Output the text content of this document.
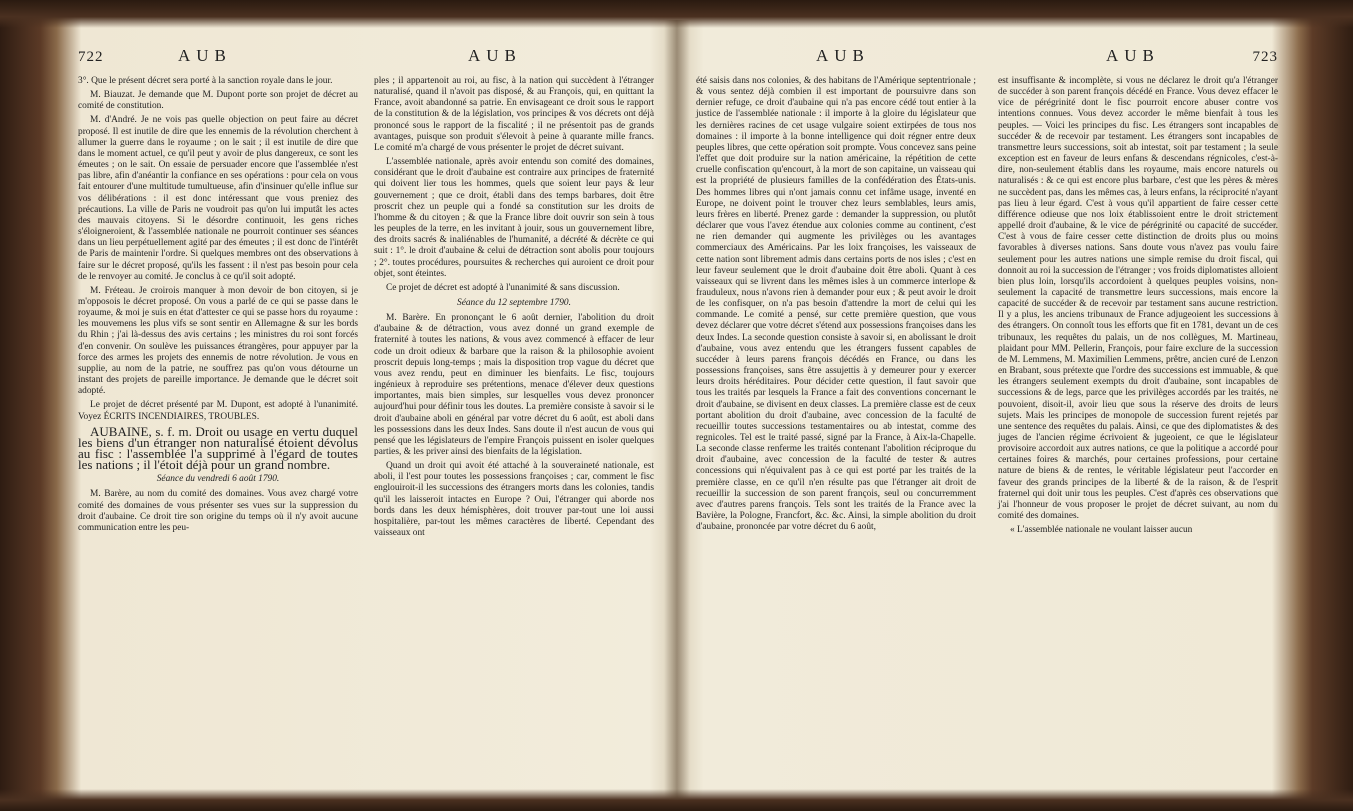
722	AUB	AUB

3°. Que le présent décret sera porté à la sanction royale dans le jour.

M. Biauzat. Je demande que M. Dupont porte son projet de décret au comité de constitution.

M. d'André. Je ne vois pas quelle objection on peut faire au décret proposé. Il est inutile de dire que les ennemis de la révolution cherchent à allumer la guerre dans le royaume ; on le sait ; il est inutile de dire que dans le moment actuel, ce qu'il peut y avoir de plus dangereux, ce sont les émeutes ; on le sait. On essaie de persuader encore que l'assemblée n'est pas libre, afin d'anéantir la confiance en ses opérations : pour cela on vous fait entourer d'une multitude tumultueuse, afin d'insinuer qu'elle influe sur vos délibérations : il est donc intéressant que vous preniez des précautions. La ville de Paris ne voudroit pas qu'on lui imputât les actes des mauvais citoyens. Si le désordre continuoit, les gens riches s'éloigneroient, & l'assemblée nationale ne pourroit continuer ses séances dans un lieu perpétuellement agité par des émeutes ; il est donc de l'intérêt de Paris de maintenir l'ordre. Si quelques membres ont des observations à faire sur le décret proposé, qu'ils les fassent : il n'est pas besoin pour cela de le renvoyer au comité. Je conclus à ce qu'il soit adopté.

M. Fréteau. Je croirois manquer à mon devoir de bon citoyen, si je m'opposois le décret proposé. On vous a parlé de ce qui se passe dans le royaume, & moi je suis en état d'attester ce qui se passe hors du royaume : les mouvemens les plus vifs se sont sentir en Allemagne & sur les bords du Rhin ; j'ai là-dessus des avis certains ; les ministres du roi sont forcés d'en convenir. On soulève les puissances étrangères, pour appuyer par la force des armes les projets des ennemis de notre révolution. Je vous en supplie, au nom de la patrie, ne souffrez pas qu'on vous détourne un instant des projets de pareille importance. Je demande que le décret soit adopté.

Le projet de décret présenté par M. Dupont, est adopté à l'unanimité. Voyez ÉCRITS INCENDIAIRES, TROUBLES.

AUBAINE, s. f. m. Droit ou usage en vertu duquel les biens d'un étranger non naturalisé étoient dévolus au fisc : l'assemblée l'a supprimé à l'égard de toutes les nations ; il l'étoit déjà pour un grand nombre.

Séance du vendredi 6 août 1790.

M. Barère, au nom du comité des domaines. Vous avez chargé votre comité des domaines de vous présenter ses vues sur la suppression du droit d'aubaine. Ce droit tire son origine du temps où il n'y avoit aucune communication entre les peu-

ples ; il appartenoit au roi, au fisc, à la nation qui succèdent à l'étranger naturalisé, quand il n'avoit pas disposé, & au François, qui, en quittant la France, avoit abandonné sa patrie. En envisageant ce droit sous le rapport de la constitution & de la législation, vos principes & vos décrets ont déjà prononcé sous le rapport de la fiscalité ; il ne présentoit pas de grands avantages, puisque son produit s'élevoit à peine à quarante mille francs. Le comité m'a chargé de vous présenter le projet de décret suivant.

L'assemblée nationale, après avoir entendu son comité des domaines, considérant que le droit d'aubaine est contraire aux principes de fraternité qui doivent lier tous les hommes, quels que soient leur pays & leur gouvernement ; que ce droit, établi dans des temps barbares, doit être proscrit chez un peuple qui a fondé sa constitution sur les droits de l'homme & du citoyen ; & que la France libre doit ouvrir son sein à tous les peuples de la terre, en les invitant à jouir, sous un gouvernement libre, des droits sacrés & inaliénables de l'humanité, a décrété & décrète ce qui suit : 1°. le droit d'aubaine & celui de détraction sont abolis pour toujours ; 2°. toutes procédures, poursuites & recherches qui auroient ce droit pour objet, sont éteintes.

Ce projet de décret est adopté à l'unanimité & sans discussion.

Séance du 12 septembre 1790.

M. Barère. En prononçant le 6 août dernier, l'abolition du droit d'aubaine & de détraction, vous avez donné un grand exemple de fraternité à toutes les nations, & vous avez commencé à effacer de leur code un droit odieux & barbare que la raison & la philosophie avoient proscrit depuis long-temps ; mais la disposition trop vague du décret que vous avez rendu, peut en diminuer les bienfaits. Le fisc, toujours ingénieux à reproduire ses prétentions, menace d'élever deux questions importantes, mais bien simples, sur lesquelles vous devez prononcer aujourd'hui pour définir tous les doutes. La première consiste à savoir si le droit d'aubaine aboli en général par votre décret du 6 août, est aboli dans les possessions dans les deux Indes. Sans doute il n'est aucun de vous qui pensé que les législateurs de l'empire François puissent en isoler quelques parties, & les priver ainsi des bienfaits de la législation.

Quand un droit qui avoit été attaché à la souveraineté nationale, est aboli, il l'est pour toutes les possessions françoises ; car, comment le fisc englouiroit-il les successions des étrangers morts dans les colonies, tandis qu'il les laisseroit intactes en Europe ? Oui, l'étranger qui aborde nos bords dans les deux hémisphères, doit trouver par-tout une loi aussi hospitalière, par-tout les mêmes caractères de liberté. Cependant des vaisseaux ont

AUB	AUB	723

été saisis dans nos colonies, & des habitans de l'Amérique septentrionale ; & vous sentez déjà combien il est important de poursuivre dans son dernier refuge, ce droit d'aubaine qui n'a pas encore cédé tout entier à la justice de l'assemblée nationale : il importe à la gloire du législateur que les dernières racines de cet usage vulgaire soient extirpées de tous nos domaines : il importe à la bonne intelligence qui doit régner entre deux peuples libres, que cette opération soit prompte. Vous concevez sans peine l'effet que doit produire sur la nation américaine, la répétition de cette cruelle confiscation qu'encourt, à la mort de son capitaine, un vaisseau qui est la propriété de plusieurs familles de la confédération des États-unis. Des hommes libres qui n'ont jamais connu cet infâme usage, inventé en Europe, ne doivent point le trouver chez leurs semblables, leurs amis, leurs frères en liberté. Prenez garde : demander la suppression, ou plutôt déclarer que vous l'avez étendue aux colonies comme au continent, c'est ne rien demander qui augmente les privilèges ou les avantages commerciaux des Américains. Par les loix françoises, les vaisseaux de cette nation sont librement admis dans certains ports de nos isles ; c'est en leur faveur seulement que le droit d'aubaine doit être aboli. Quant à ces vaisseaux qui se livrent dans les mêmes isles à un commerce interlope & frauduleux, nous n'avons rien à demander pour eux ; & peut avoir le droit de les confisquer, on n'a pas besoin d'attendre la mort de celui qui les commande. Le comité a pensé, sur cette première question, que vous devez déclarer que votre décret s'étend aux possessions françoises dans les deux Indes. La seconde question consiste à savoir si, en abolissant le droit d'aubaine, vous avez entendu que les étrangers fussent capables de succéder à leurs parens françois décédés en France, ou dans les possessions françoises, sans être assujettis à y demeurer pour y exercer leurs droits héréditaires. Pour décider cette question, il faut savoir que tous les traités par lesquels la France a fait des conventions concernant le droit d'aubaine, se divisent en deux classes. La première classe est de ceux portant abolition du droit d'aubaine, avec concession de la faculté de recueillir toutes successions testamentaires ou ab intestat, comme des regnicoles. Tel est le traité passé, signé par la France, à Aix-la-Chapelle. La seconde classe renferme les traités contenant l'abolition réciproque du droit d'aubaine, avec concession de la faculté de tester & autres concessions qui n'équivalent pas à ce qui est porté par les traités de la première classe, en ce qu'il n'en résulte pas que l'étranger ait droit de recueillir la succession de son parent françois, seul ou concurremment avec d'autres parens françois. Tels sont les traités de la France avec la Bavière, la Pologne, Francfort, &c. &c. Ainsi, la simple abolition du droit d'aubaine, prononcée par votre décret du 6 août,

est insuffisante & incomplète, si vous ne déclarez le droit qu'a l'étranger de succéder à son parent françois décédé en France. Vous devez effacer le vice de pérégrinité dont le fisc pourroit encore abuser contre vos intentions connues. Vous devez accorder le même bienfait à tous les peuples. — Voici les principes du fisc. Les étrangers sont incapables de succéder & de recevoir par testament. Les étrangers sont incapables de transmettre leurs successions, soit ab intestat, soit par testament ; la seule exception est en faveur de leurs enfans & descendans régnicoles, c'est-à-dire, non-seulement établis dans les royaume, mais encore naturels ou naturalisés : & ce qui est encore plus barbare, c'est que les pères & mères ne succèdent pas, dans les mêmes cas, à leurs enfans, la réciprocité n'ayant pas lieu à leur égard. C'est à vous qu'il appartient de faire cesser cette différence odieuse que nos loix établissoient entre le droit strictement appellé droit d'aubaine, & le vice de pérégrinité ou capacité de succéder. C'est à vous de faire cesser cette distinction de droits plus ou moins favorables à diverses nations. Sans doute vous n'avez pas voulu faire seulement pour les autres nations une simple remise du droit fiscal, qui donnoit au roi la succession de l'étranger ; vos froids diplomatistes alloient bien plus loin, lorsqu'ils accordoient à quelques peuples voisins, non-seulement la capacité de transmettre leurs successions, mais encore la capacité de succéder & de recevoir par testament sans aucune restriction. Il y a plus, les anciens tribunaux de France adjugeoient les successions à des étrangers. On connoît tous les efforts que fit en 1781, devant un de ces tribunaux, les requêtes du palais, un de nos collègues, M. Martineau, plaidant pour MM. Pellerin, François, pour faire exclure de la succession de M. Lemmens, M. Maximilien Lemmens, prêtre, ancien curé de Lenzon en Brabant, sous prétexte que l'ordre des successions est immuable, & que les étrangers seulement exempts du droit d'aubaine, sont incapables de successions & de legs, parce que les privilèges accordés par les traités, ne pouvoient, disoit-il, avoir lieu que sous la réserve des droits de leurs sujets. Mais les principes de monopole de succession furent rejetés par une sentence des requêtes du palais. Ainsi, ce que des diplomatistes & des juges de l'ancien régime écrivoient & jugeoient, ce que le législateur provisoire accordoit aux autres nations, ce que la politique a accordé pour certaines foires & marchés, pour certaines professions, pour certaine nature de biens & de rentes, le véritable législateur peut l'accorder en faveur des grands principes de la liberté & de la raison, & de l'esprit fraternel qui doit unir tous les peuples. C'est d'après ces observations que j'ai l'honneur de vous proposer le projet de décret suivant, au nom du comité des domaines.

« L'assemblée nationale ne voulant laisser aucun
